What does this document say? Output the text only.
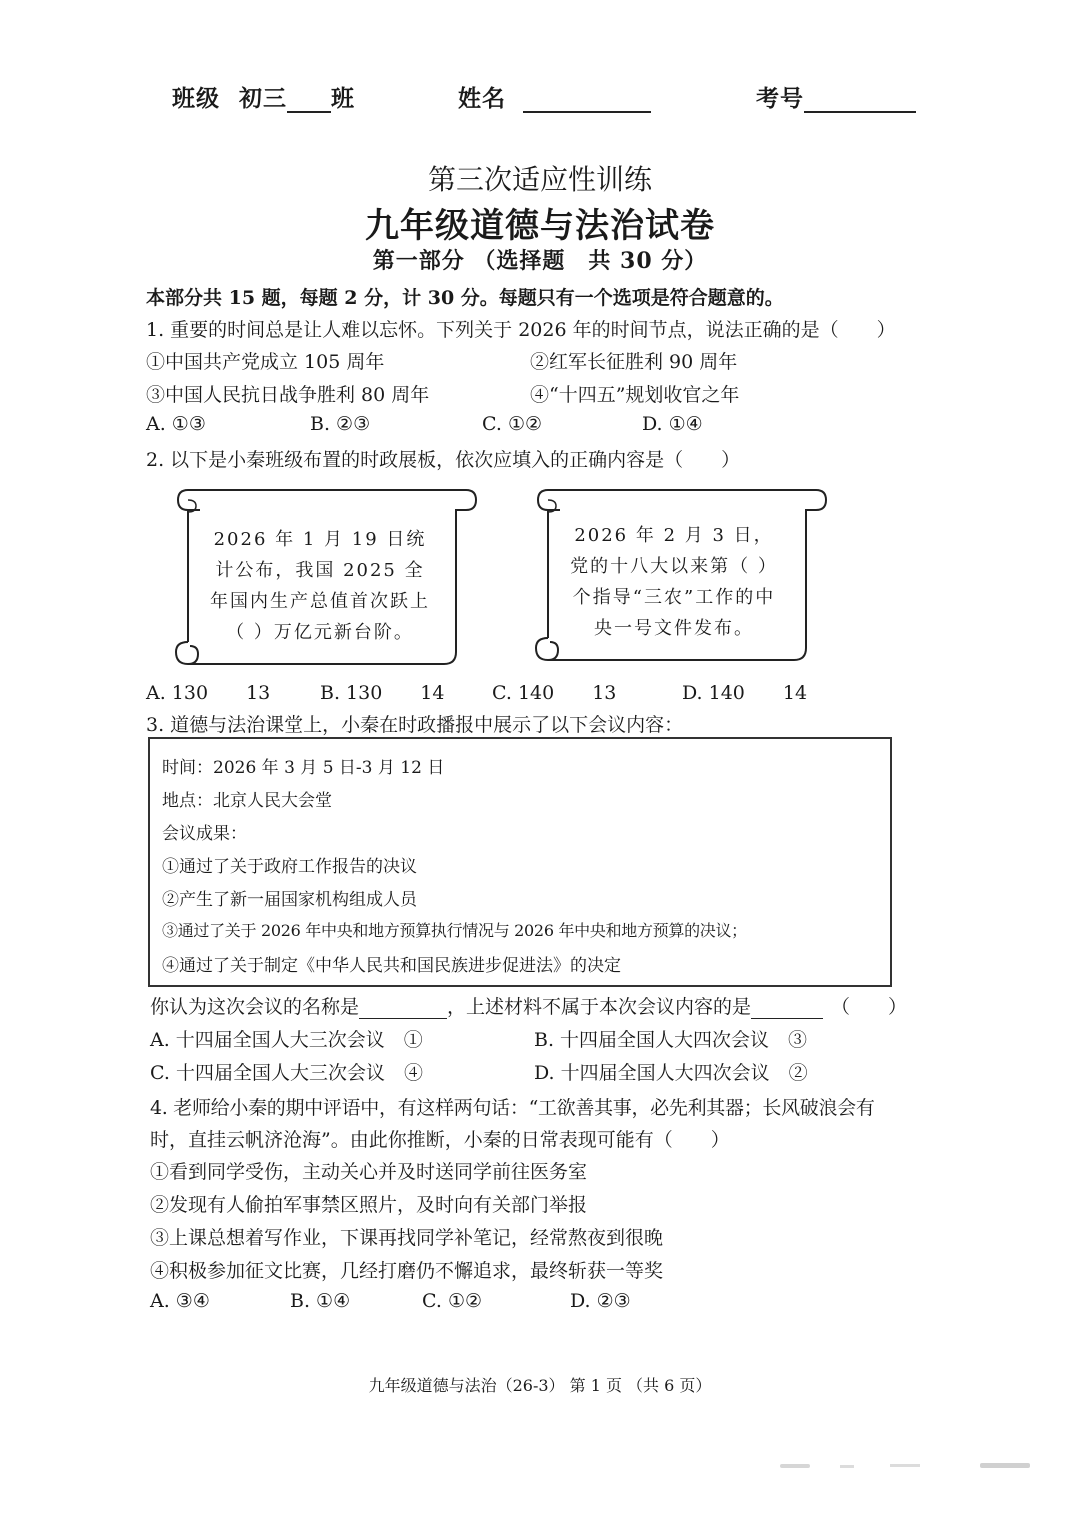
班级 初三 班	姓名	考号
第三次适应性训练
九年级道德与法治试卷
第一部分 （选择题　共 30 分）
本部分共 15 题，每题 2 分，计 30 分。每题只有一个选项是符合题意的。
1. 重要的时间总是让人难以忘怀。下列关于 2026 年的时间节点，说法正确的是（　　）
①中国共产党成立 105 周年	②红军长征胜利 90 周年
③中国人民抗日战争胜利 80 周年	④“十四五”规划收官之年
A. ①③	B. ②③	C. ①②	D. ①④
2. 以下是小秦班级布置的时政展板，依次应填入的正确内容是（　　）
2026 年 1 月 19 日统计公布，我国 2025 全年国内生产总值首次跃上（ ）万亿元新台阶。
2026 年 2 月 3 日，党的十八大以来第（ ）个指导“三农”工作的中央一号文件发布。
A. 130　　13	B. 130　　14	C. 140　　13	D. 140　　14
3. 道德与法治课堂上，小秦在时政播报中展示了以下会议内容：
时间：2026 年 3 月 5 日-3 月 12 日
地点：北京人民大会堂
会议成果：
①通过了关于政府工作报告的决议
②产生了新一届国家机构组成人员
③通过了关于 2026 年中央和地方预算执行情况与 2026 年中央和地方预算的决议；
④通过了关于制定《中华人民共和国民族进步促进法》的决定
你认为这次会议的名称是	，上述材料不属于本次会议内容的是	（　　）
A. 十四届全国人大三次会议　①	B. 十四届全国人大四次会议　③
C. 十四届全国人大三次会议　④	D. 十四届全国人大四次会议　②
4. 老师给小秦的期中评语中，有这样两句话：“工欲善其事，必先利其器；长风破浪会有
时，直挂云帆济沧海”。由此你推断，小秦的日常表现可能有（　　）
①看到同学受伤，主动关心并及时送同学前往医务室
②发现有人偷拍军事禁区照片，及时向有关部门举报
③上课总想着写作业，下课再找同学补笔记，经常熬夜到很晚
④积极参加征文比赛，几经打磨仍不懈追求，最终斩获一等奖
A. ③④	B. ①④	C. ①②	D. ②③
九年级道德与法治（26-3） 第 1 页 （共 6 页）
